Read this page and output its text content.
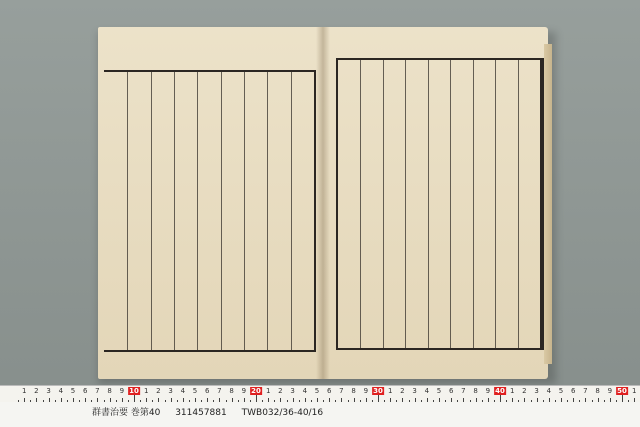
1 2 3 4 5 6 7 8 9 10 1 2 3 4 5 6 7 8 9 20 1 2 3 4 5 6 7 8 9 30 1 2 3 4 5 6 7 8 9 40 1 2 3 4 5 6 7 8 9 50 1
群書治要 巻第40 311457881 TWB032/36-40/16
